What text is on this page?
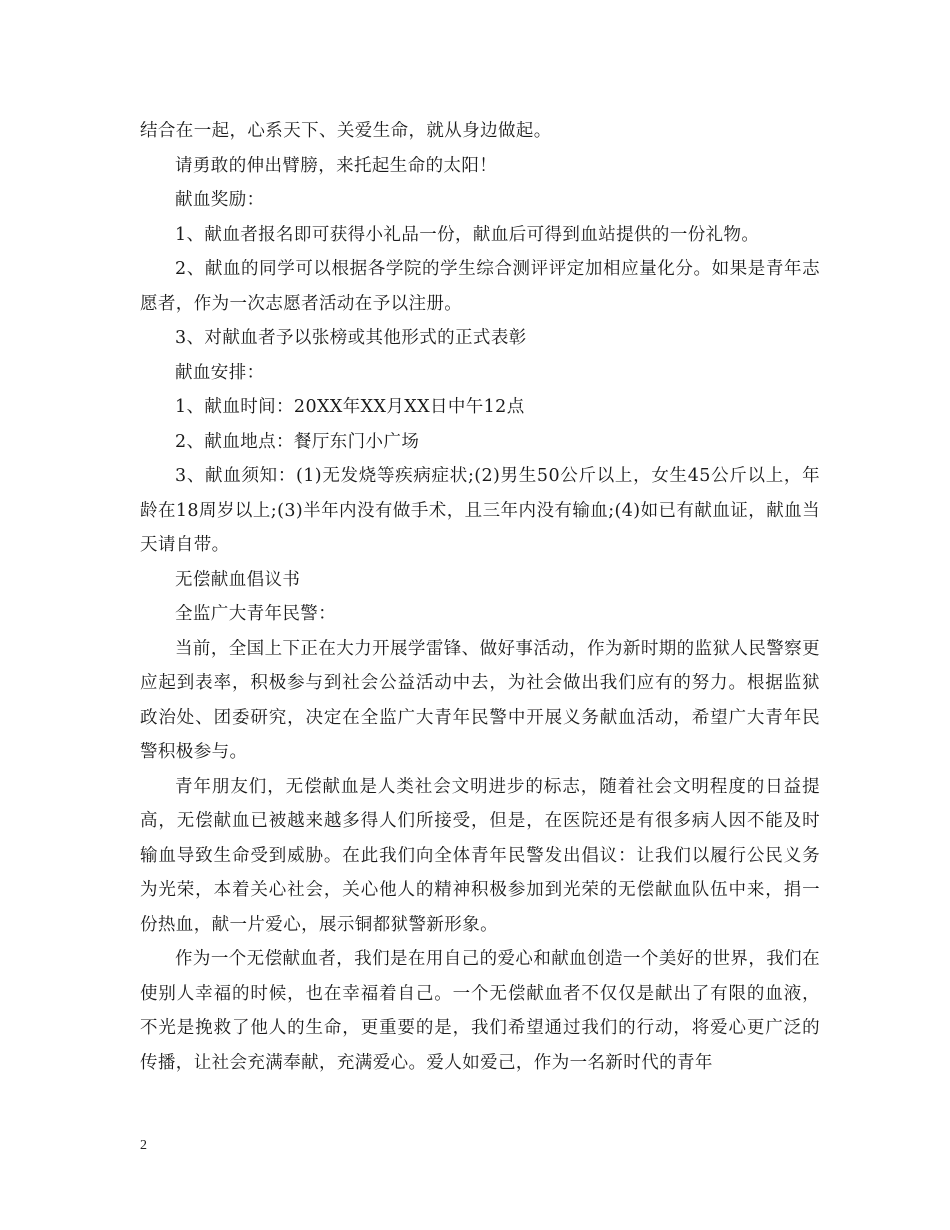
结合在一起，心系天下、关爱生命，就从身边做起。

请勇敢的伸出臂膀，来托起生命的太阳！

献血奖励：

1、献血者报名即可获得小礼品一份，献血后可得到血站提供的一份礼物。

2、献血的同学可以根据各学院的学生综合测评评定加相应量化分。如果是青年志愿者，作为一次志愿者活动在予以注册。

3、对献血者予以张榜或其他形式的正式表彰

献血安排：

1、献血时间：20XX年XX月XX日中午12点

2、献血地点：餐厅东门小广场

3、献血须知：(1)无发烧等疾病症状;(2)男生50公斤以上，女生45公斤以上，年龄在18周岁以上;(3)半年内没有做手术，且三年内没有输血;(4)如已有献血证，献血当天请自带。

无偿献血倡议书

全监广大青年民警：

当前，全国上下正在大力开展学雷锋、做好事活动，作为新时期的监狱人民警察更应起到表率，积极参与到社会公益活动中去，为社会做出我们应有的努力。根据监狱政治处、团委研究，决定在全监广大青年民警中开展义务献血活动，希望广大青年民警积极参与。

青年朋友们，无偿献血是人类社会文明进步的标志，随着社会文明程度的日益提高，无偿献血已被越来越多得人们所接受，但是，在医院还是有很多病人因不能及时输血导致生命受到威胁。在此我们向全体青年民警发出倡议：让我们以履行公民义务为光荣，本着关心社会，关心他人的精神积极参加到光荣的无偿献血队伍中来，捐一份热血，献一片爱心，展示铜都狱警新形象。

作为一个无偿献血者，我们是在用自己的爱心和献血创造一个美好的世界，我们在使别人幸福的时候，也在幸福着自己。一个无偿献血者不仅仅是献出了有限的血液，不光是挽救了他人的生命，更重要的是，我们希望通过我们的行动，将爱心更广泛的传播，让社会充满奉献，充满爱心。爱人如爱己，作为一名新时代的青年

2
